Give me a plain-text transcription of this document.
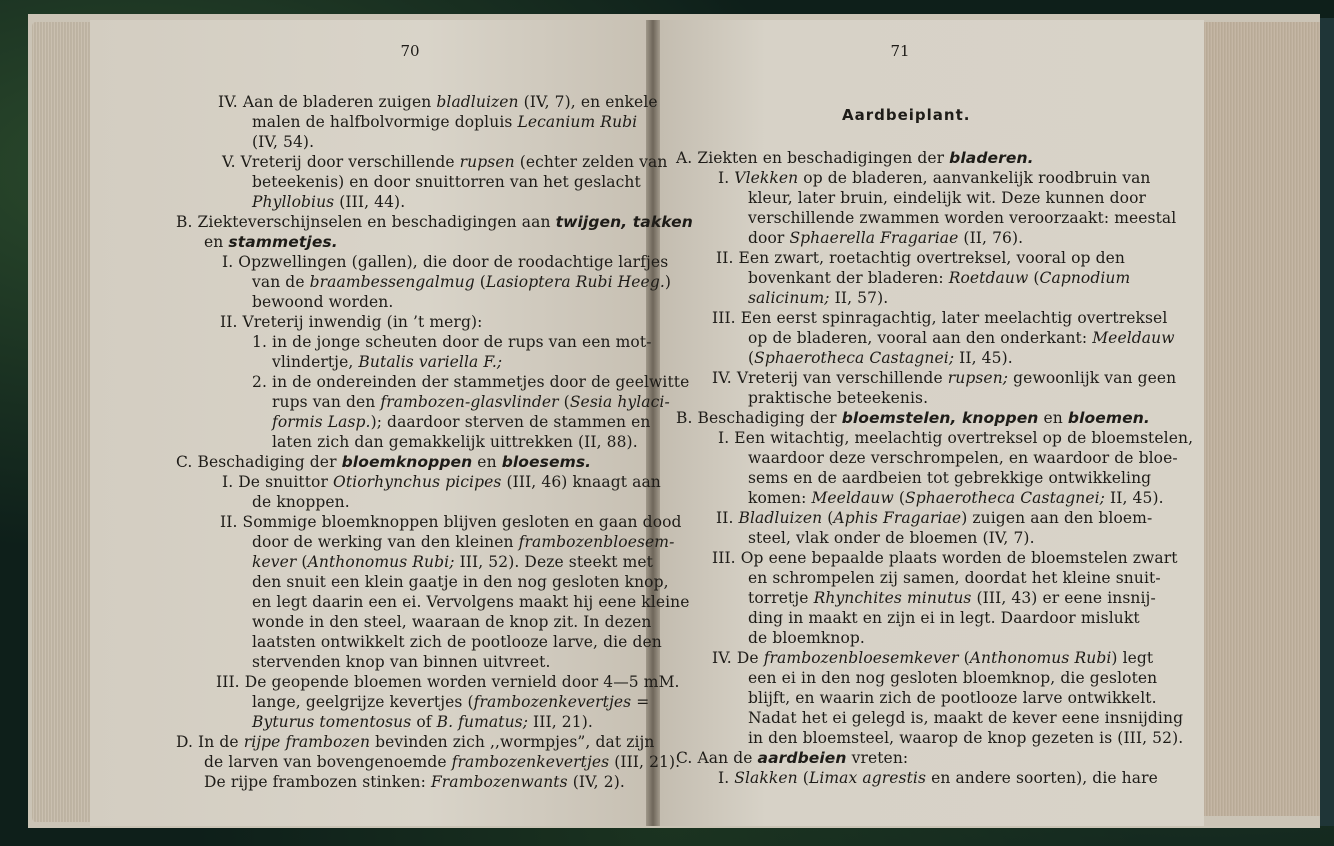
70	71
Aardbeiplant.
IV. Aan de bladeren zuigen bladluizen (IV, 7), en enkele
malen de halfbolvormige dopluis Lecanium Rubi
(IV, 54).
V. Vreterij door verschillende rupsen (echter zelden van
beteekenis) en door snuittorren van het geslacht
Phyllobius (III, 44).
B. Ziekteverschijnselen en beschadigingen aan twijgen, takken
en stammetjes.
I. Opzwellingen (gallen), die door de roodachtige larfjes
van de braambessengalmug (Lasioptera Rubi Heeg.)
bewoond worden.
II. Vreterij inwendig (in ’t merg):
1. in de jonge scheuten door de rups van een mot-
vlindertje, Butalis variella F.;
2. in de ondereinden der stammetjes door de geelwitte
rups van den frambozen-glasvlinder (Sesia hylaci-
formis Lasp.); daardoor sterven de stammen en
laten zich dan gemakkelijk uittrekken (II, 88).
C. Beschadiging der bloemknoppen en bloesems.
I. De snuittor Otiorhynchus picipes (III, 46) knaagt aan
de knoppen.
II. Sommige bloemknoppen blijven gesloten en gaan dood
door de werking van den kleinen frambozenbloesem-
kever (Anthonomus Rubi; III, 52). Deze steekt met
den snuit een klein gaatje in den nog gesloten knop,
en legt daarin een ei. Vervolgens maakt hij eene kleine
wonde in den steel, waaraan de knop zit. In dezen
laatsten ontwikkelt zich de pootlooze larve, die den
stervenden knop van binnen uitvreet.
III. De geopende bloemen worden vernield door 4—5 mM.
lange, geelgrijze kevertjes (frambozenkevertjes =
Byturus tomentosus of B. fumatus; III, 21).
D. In de rijpe frambozen bevinden zich ,,wormpjes”, dat zijn
de larven van bovengenoemde frambozenkevertjes (III, 21).
De rijpe frambozen stinken: Frambozenwants (IV, 2).
A. Ziekten en beschadigingen der bladeren.
I. Vlekken op de bladeren, aanvankelijk roodbruin van
kleur, later bruin, eindelijk wit. Deze kunnen door
verschillende zwammen worden veroorzaakt: meestal
door Sphaerella Fragariae (II, 76).
II. Een zwart, roetachtig overtreksel, vooral op den
bovenkant der bladeren: Roetdauw (Capnodium
salicinum; II, 57).
III. Een eerst spinragachtig, later meelachtig overtreksel
op de bladeren, vooral aan den onderkant: Meeldauw
(Sphaerotheca Castagnei; II, 45).
IV. Vreterij van verschillende rupsen; gewoonlijk van geen
praktische beteekenis.
B. Beschadiging der bloemstelen, knoppen en bloemen.
I. Een witachtig, meelachtig overtreksel op de bloemstelen,
waardoor deze verschrompelen, en waardoor de bloe-
sems en de aardbeien tot gebrekkige ontwikkeling
komen: Meeldauw (Sphaerotheca Castagnei; II, 45).
II. Bladluizen (Aphis Fragariae) zuigen aan den bloem-
steel, vlak onder de bloemen (IV, 7).
III. Op eene bepaalde plaats worden de bloemstelen zwart
en schrompelen zij samen, doordat het kleine snuit-
torretje Rhynchites minutus (III, 43) er eene insnij-
ding in maakt en zijn ei in legt. Daardoor mislukt
de bloemknop.
IV. De frambozenbloesemkever (Anthonomus Rubi) legt
een ei in den nog gesloten bloemknop, die gesloten
blijft, en waarin zich de pootlooze larve ontwikkelt.
Nadat het ei gelegd is, maakt de kever eene insnijding
in den bloemsteel, waarop de knop gezeten is (III, 52).
C. Aan de aardbeien vreten:
I. Slakken (Limax agrestis en andere soorten), die hare
